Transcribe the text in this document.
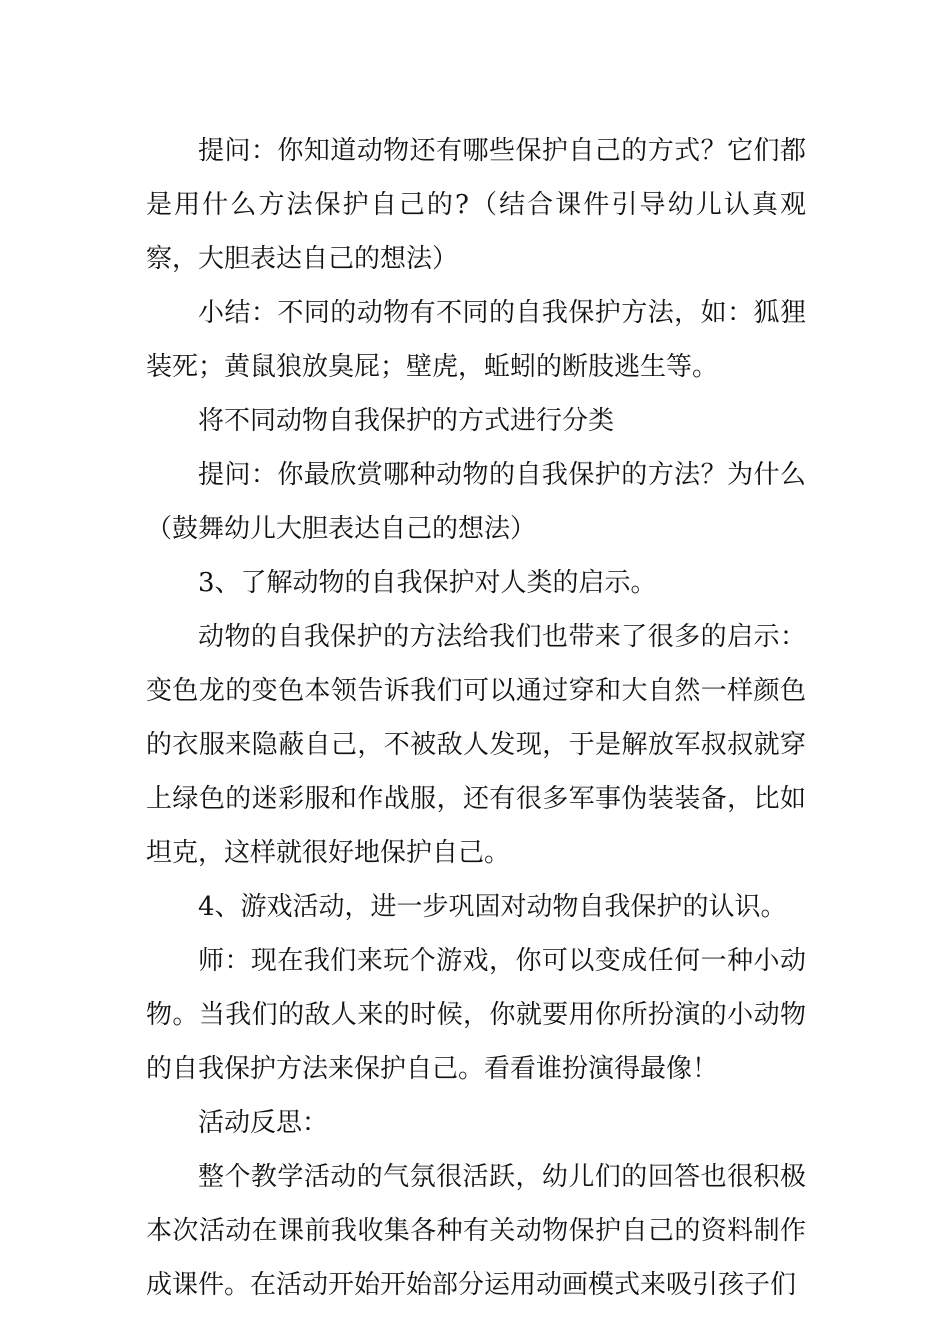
提问：你知道动物还有哪些保护自己的方式？它们都是用什么方法保护自己的?（结合课件引导幼儿认真观察，大胆表达自己的想法）

小结：不同的动物有不同的自我保护方法，如：狐狸装死；黄鼠狼放臭屁；壁虎，蚯蚓的断肢逃生等。

将不同动物自我保护的方式进行分类

提问：你最欣赏哪种动物的自我保护的方法？为什么（鼓舞幼儿大胆表达自己的想法）

3、了解动物的自我保护对人类的启示。

动物的自我保护的方法给我们也带来了很多的启示：变色龙的变色本领告诉我们可以通过穿和大自然一样颜色的衣服来隐蔽自己，不被敌人发现，于是解放军叔叔就穿上绿色的迷彩服和作战服，还有很多军事伪装装备，比如坦克，这样就很好地保护自己。

4、游戏活动，进一步巩固对动物自我保护的认识。

师：现在我们来玩个游戏，你可以变成任何一种小动物。当我们的敌人来的时候，你就要用你所扮演的小动物的自我保护方法来保护自己。看看谁扮演得最像！

活动反思：

整个教学活动的气氛很活跃，幼儿们的回答也很积极本次活动在课前我收集各种有关动物保护自己的资料制作成课件。在活动开始开始部分运用动画模式来吸引孩子们
